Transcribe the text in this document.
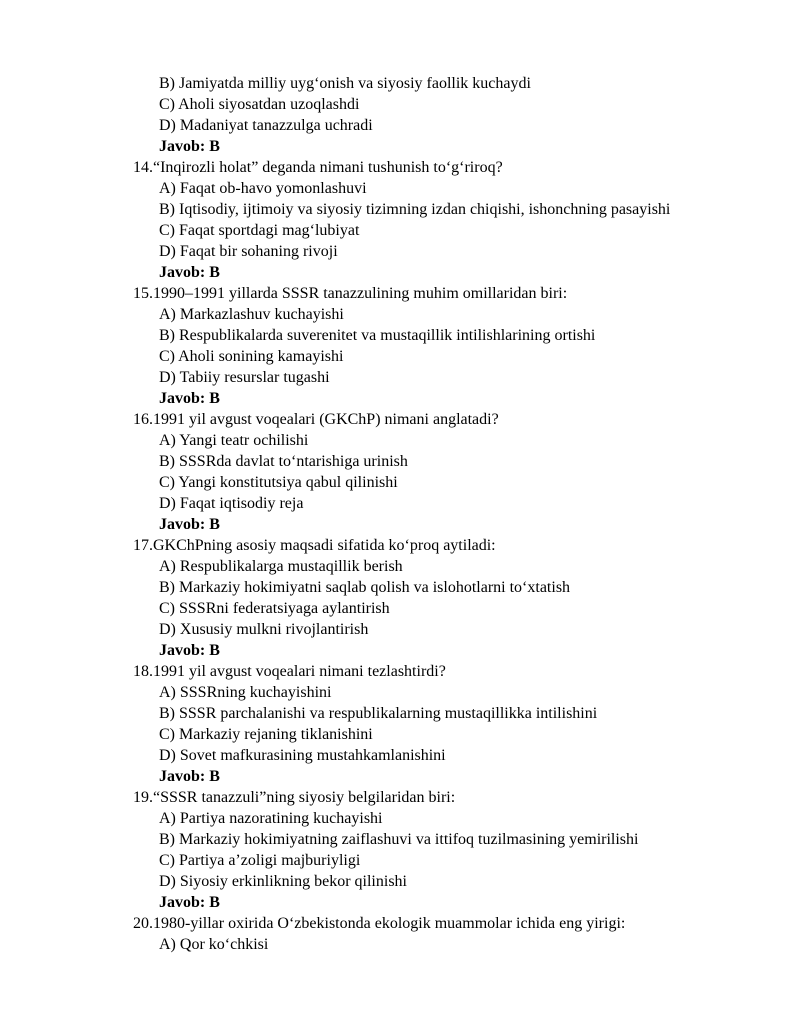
B) Jamiyatda milliy uyg‘onish va siyosiy faollik kuchaydi
C) Aholi siyosatdan uzoqlashdi
D) Madaniyat tanazzulga uchradi
Javob: B
14.“Inqirozli holat” deganda nimani tushunish to‘g‘riroq?
A) Faqat ob-havo yomonlashuvi
B) Iqtisodiy, ijtimoiy va siyosiy tizimning izdan chiqishi, ishonchning pasayishi
C) Faqat sportdagi mag‘lubiyat
D) Faqat bir sohaning rivoji
Javob: B
15.1990–1991 yillarda SSSR tanazzulining muhim omillaridan biri:
A) Markazlashuv kuchayishi
B) Respublikalarda suverenitet va mustaqillik intilishlarining ortishi
C) Aholi sonining kamayishi
D) Tabiiy resurslar tugashi
Javob: B
16.1991 yil avgust voqealari (GKChP) nimani anglatadi?
A) Yangi teatr ochilishi
B) SSSRda davlat to‘ntarishiga urinish
C) Yangi konstitutsiya qabul qilinishi
D) Faqat iqtisodiy reja
Javob: B
17.GKChPning asosiy maqsadi sifatida ko‘proq aytiladi:
A) Respublikalarga mustaqillik berish
B) Markaziy hokimiyatni saqlab qolish va islohotlarni to‘xtatish
C) SSSRni federatsiyaga aylantirish
D) Xususiy mulkni rivojlantirish
Javob: B
18.1991 yil avgust voqealari nimani tezlashtirdi?
A) SSSRning kuchayishini
B) SSSR parchalanishi va respublikalarning mustaqillikka intilishini
C) Markaziy rejaning tiklanishini
D) Sovet mafkurasining mustahkamlanishini
Javob: B
19.“SSSR tanazzuli”ning siyosiy belgilaridan biri:
A) Partiya nazoratining kuchayishi
B) Markaziy hokimiyatning zaiflashuvi va ittifoq tuzilmasining yemirilishi
C) Partiya a’zoligi majburiyligi
D) Siyosiy erkinlikning bekor qilinishi
Javob: B
20.1980-yillar oxirida O‘zbekistonda ekologik muammolar ichida eng yirigi:
A) Qor ko‘chkisi
